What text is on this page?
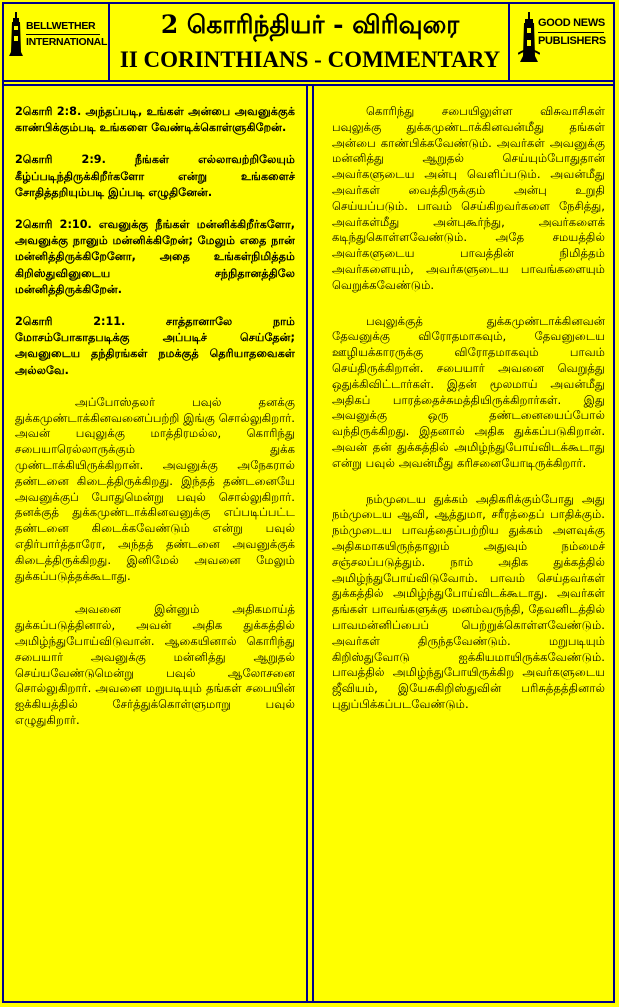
BELLWETHER
INTERNATIONAL
2 கொரிந்தியர் - விரிவுரை
II CORINTHIANS - COMMENTARY
GOOD NEWS
PUBLISHERS

2கொரி 2:8. அந்தப்படி, உங்கள் அன்பை அவனுக்குக் காண்பிக்கும்படி உங்களை வேண்டிக்கொள்ளுகிறேன்.

2கொரி 2:9. நீங்கள் எல்லாவற்றிலேயும் கீழ்ப்படிந்திருக்கிறீர்களோ என்று உங்களைச் சோதித்தறியும்படி இப்படி எழுதினேன்.

2கொரி 2:10. எவனுக்கு நீங்கள் மன்னிக்கிறீர்களோ, அவனுக்கு நானும் மன்னிக்கிறேன்; மேலும் எதை நான் மன்னித்திருக்கிறேனோ, அதை உங்கள்நிமித்தம் கிறிஸ்துவினுடைய சந்நிதானத்திலே மன்னித்திருக்கிறேன்.

2கொரி 2:11. சாத்தானாலே நாம் மோசம்போகாதபடிக்கு அப்படிச் செய்தேன்; அவனுடைய தந்திரங்கள் நமக்குத் தெரியாதவைகள் அல்லவே.

அப்போஸ்தலர் பவுல் தனக்கு துக்கமுண்டாக்கினவனைப்பற்றி இங்கு சொல்லுகிறார். அவன் பவுலுக்கு மாத்திரமல்ல, கொரிந்து சபையாரெல்லாருக்கும் துக்க முண்டாக்கியிருக்கிறான். அவனுக்கு அநேகரால் தண்டனை கிடைத்திருக்கிறது. இந்தத் தண்டனையே அவனுக்குப் போதுமென்று பவுல் சொல்லுகிறார். தனக்குத் துக்கமுண்டாக்கினவனுக்கு எப்படிப்பட்ட தண்டனை கிடைக்கவேண்டும் என்று பவுல் எதிர்பார்த்தாரோ, அந்தத் தண்டனை அவனுக்குக் கிடைத்திருக்கிறது. இனிமேல் அவனை மேலும் துக்கப்படுத்தக்கூடாது.

அவனை இன்னும் அதிகமாய்த் துக்கப்படுத்தினால், அவன் அதிக துக்கத்தில் அமிழ்ந்துபோய்விடுவான். ஆகையினால் கொரிந்து சபையார் அவனுக்கு மன்னித்து ஆறுதல் செய்யவேண்டுமென்று பவுல் ஆலோசனை சொல்லுகிறார். அவனை மறுபடியும் தங்கள் சபையின் ஐக்கியத்தில் சேர்த்துக்கொள்ளுமாறு பவுல் எழுதுகிறார்.

கொரிந்து சபையிலுள்ள விசுவாசிகள் பவுலுக்கு துக்கமுண்டாக்கினவன்மீது தங்கள் அன்பை காண்பிக்கவேண்டும். அவர்கள் அவனுக்கு மன்னித்து ஆறுதல் செய்யும்போதுதான் அவர்களுடைய அன்பு வெளிப்படும். அவன்மீது அவர்கள் வைத்திருக்கும் அன்பு உறுதி செய்யப்படும். பாவம் செய்கிறவர்களை நேசித்து, அவர்கள்மீது அன்புகூர்ந்து, அவர்களைக் கடிந்துகொள்ளவேண்டும். அதே சமயத்தில் அவர்களுடைய பாவத்தின் நிமித்தம் அவர்களையும், அவர்களுடைய பாவங்களையும் வெறுக்கவேண்டும்.

பவுலுக்குத் துக்கமுண்டாக்கினவன் தேவனுக்கு விரோதமாகவும், தேவனுடைய ஊழியக்காரருக்கு விரோதமாகவும் பாவம் செய்திருக்கிறான். சபையார் அவனை வெறுத்து ஒதுக்கிவிட்டார்கள். இதன் மூலமாய் அவன்மீது அதிகப் பாரத்தைச்சுமத்தியிருக்கிறார்கள். இது அவனுக்கு ஒரு தண்டனையைப்போல் வந்திருக்கிறது. இதனால் அதிக துக்கப்படுகிறான். அவன் தன் துக்கத்தில் அமிழ்ந்துபோய்விடக்கூடாது என்று பவுல் அவன்மீது கரிசனையோடிருக்கிறார்.

நம்முடைய துக்கம் அதிகரிக்கும்போது அது நம்முடைய ஆவி, ஆத்துமா, சரீரத்தைப் பாதிக்கும். நம்முடைய பாவத்தைப்பற்றிய துக்கம் அளவுக்கு அதிகமாகயிருந்தாலும் அதுவும் நம்மைச் சஞ்சலப்படுத்தும். நாம் அதிக துக்கத்தில் அமிழ்ந்துபோய்விடுவோம். பாவம் செய்தவர்கள் துக்கத்தில் அமிழ்ந்துபோய்விடக்கூடாது. அவர்கள் தங்கள் பாவங்களுக்கு மனம்வருந்தி, தேவனிடத்தில் பாவமன்னிப்பைப் பெற்றுக்கொள்ளவேண்டும். அவர்கள் திருந்தவேண்டும். மறுபடியும் கிறிஸ்துவோடு ஐக்கியமாயிருக்கவேண்டும். பாவத்தில் அமிழ்ந்துபோயிருக்கிற அவர்களுடைய ஜீவியம், இயேசுகிறிஸ்துவின் பரிசுத்தத்தினால் புதுப்பிக்கப்படவேண்டும்.
